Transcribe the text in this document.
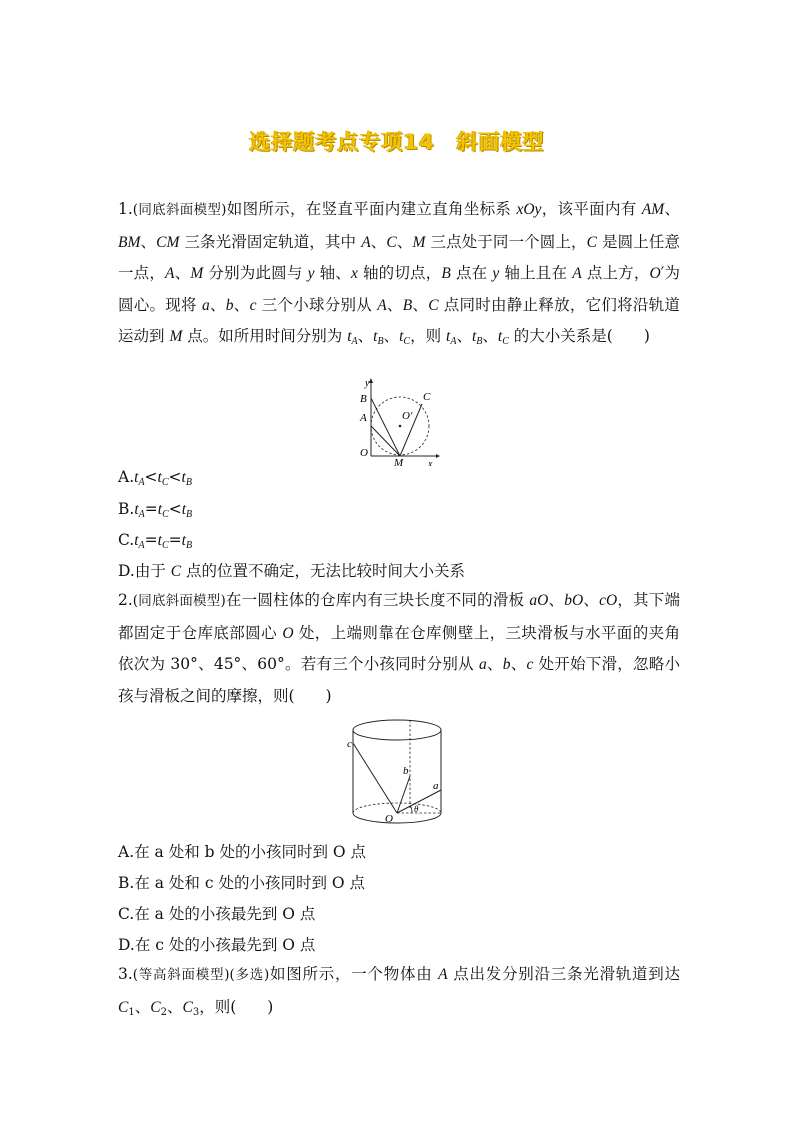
选择题考点专项14 斜面模型
1.(同底斜面模型)如图所示，在竖直平面内建立直角坐标系 xOy，该平面内有 AM、BM、CM 三条光滑固定轨道，其中 A、C、M 三点处于同一个圆上，C 是圆上任意一点，A、M 分别为此圆与 y 轴、x 轴的切点，B 点在 y 轴上且在 A 点上方，O′为圆心。现将 a、b、c 三个小球分别从 A、B、C 点同时由静止释放，它们将沿轨道运动到 M 点。如所用时间分别为 $t_A$、$t_B$、$t_C$，则 $t_A$、$t_B$、$t_C$ 的大小关系是(　　)
y
B
A
O
O′
C
M x
$A.t_A<t_C<t_B$
$B.t_A=t_C<t_B$
$C.t_A=t_C=t_B$
D.由于 C 点的位置不确定，无法比较时间大小关系
2.(同底斜面模型)在一圆柱体的仓库内有三块长度不同的滑板 aO、bO、cO，其下端都固定于仓库底部圆心 O 处，上端则靠在仓库侧壁上，三块滑板与水平面的夹角依次为 30°、45°、60°。若有三个小孩同时分别从 a、b、c 处开始下滑，忽略小孩与滑板之间的摩擦，则(　　)
c
b
a
θ
O
A.在 a 处和 b 处的小孩同时到 O 点
B.在 a 处和 c 处的小孩同时到 O 点
C.在 a 处的小孩最先到 O 点
D.在 c 处的小孩最先到 O 点
3.(等高斜面模型)(多选)如图所示，一个物体由 A 点出发分别沿三条光滑轨道到达 $C_1$、$C_2$、$C_3$，则(　　)
